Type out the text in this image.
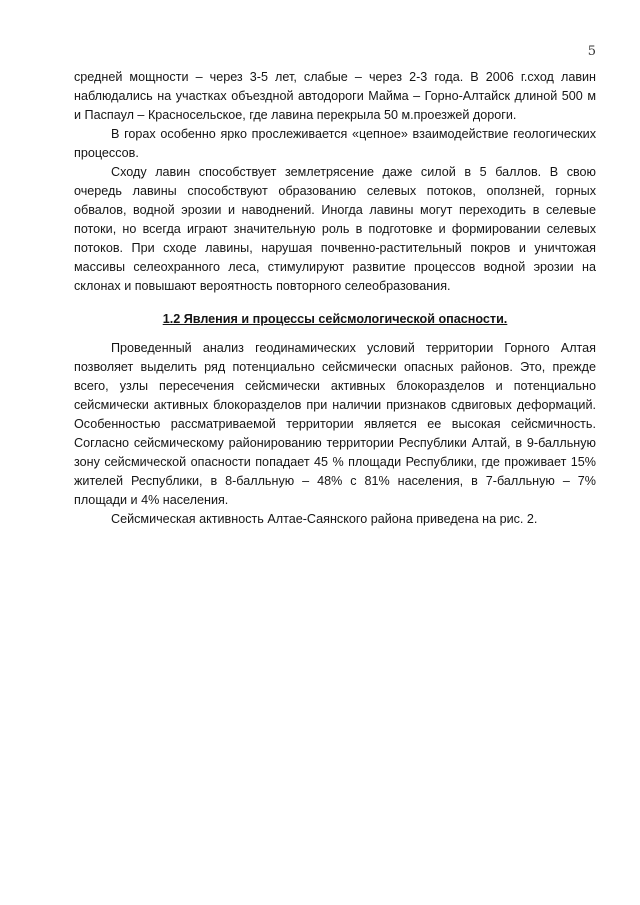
5

средней мощности – через 3-5 лет, слабые – через 2-3 года. В 2006 г.сход лавин наблюдались на участках объездной автодороги Майма – Горно-Алтайск длиной 500 м и Паспаул – Красносельское, где лавина перекрыла 50 м.проезжей дороги.

В горах особенно ярко прослеживается «цепное» взаимодействие геологических процессов.

Сходу лавин способствует землетрясение даже силой в 5 баллов. В свою очередь лавины способствуют образованию селевых потоков, оползней, горных обвалов, водной эрозии и наводнений. Иногда лавины могут переходить в селевые потоки, но всегда играют значительную роль в подготовке и формировании селевых потоков. При сходе лавины, нарушая почвенно-растительный покров и уничтожая массивы селеохранного леса, стимулируют развитие процессов водной эрозии на склонах и повышают вероятность повторного селеобразования.

1.2 Явления и процессы сейсмологической опасности.

Проведенный анализ геодинамических условий территории Горного Алтая позволяет выделить ряд потенциально сейсмически опасных районов. Это, прежде всего, узлы пересечения сейсмически активных блокоразделов и потенциально сейсмически активных блокоразделов при наличии признаков сдвиговых деформаций. Особенностью рассматриваемой территории является ее высокая сейсмичность. Согласно сейсмическому районированию территории Республики Алтай, в 9-балльную зону сейсмической опасности попадает 45 % площади Республики, где проживает 15% жителей Республики, в 8-балльную – 48% с 81% населения, в 7-балльную – 7% площади и 4% населения.

Сейсмическая активность Алтае-Саянского района приведена на рис. 2.
